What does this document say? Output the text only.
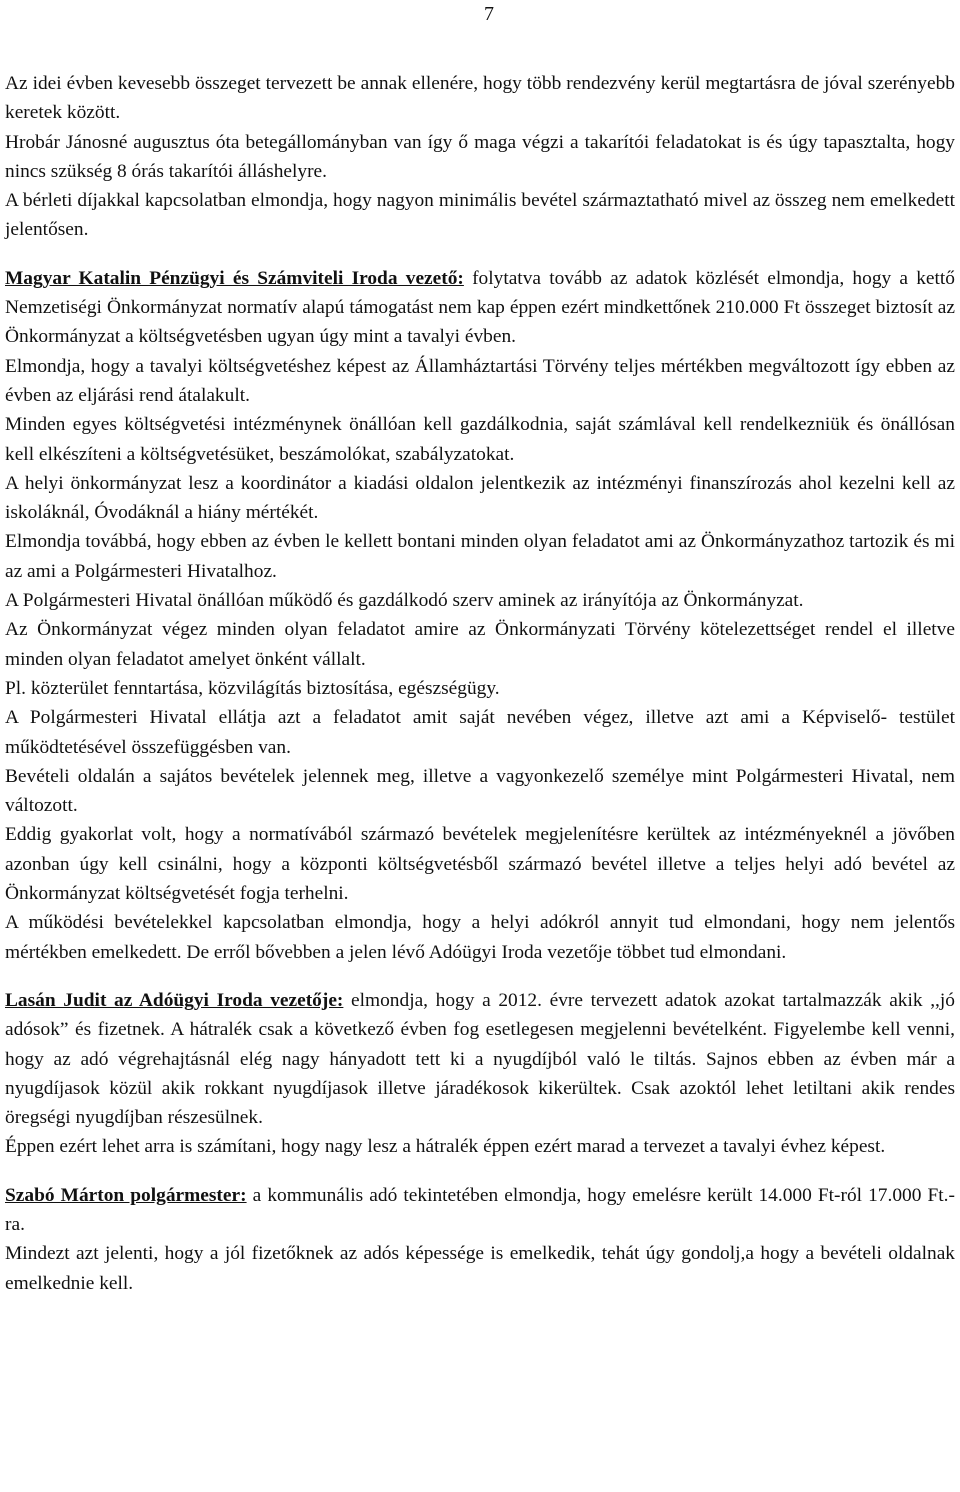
7

Az idei évben kevesebb összeget tervezett be annak ellenére, hogy több rendezvény kerül megtartásra de jóval szerényebb keretek között.

Hrobár Jánosné augusztus óta betegállományban van így ő maga végzi a takarítói feladatokat is és úgy tapasztalta, hogy nincs szükség 8 órás takarítói álláshelyre.

A bérleti díjakkal kapcsolatban elmondja, hogy nagyon minimális bevétel származtatható mivel az összeg nem emelkedett jelentősen.

Magyar Katalin Pénzügyi és Számviteli Iroda vezető: folytatva tovább az adatok közlését elmondja, hogy a kettő Nemzetiségi Önkormányzat normatív alapú támogatást nem kap éppen ezért mindkettőnek 210.000 Ft összeget biztosít az Önkormányzat a költségvetésben ugyan úgy mint a tavalyi évben.

Elmondja, hogy a tavalyi költségvetéshez képest az Államháztartási Törvény teljes mértékben megváltozott így ebben az évben az eljárási rend átalakult.

Minden egyes költségvetési intézménynek önállóan kell gazdálkodnia, saját számlával kell rendelkezniük és önállósan kell elkészíteni a költségvetésüket, beszámolókat, szabályzatokat.

A helyi önkormányzat lesz a koordinátor a kiadási oldalon jelentkezik az intézményi finanszírozás ahol kezelni kell az iskoláknál, Óvodáknál a hiány mértékét.

Elmondja továbbá, hogy ebben az évben le kellett bontani minden olyan feladatot ami az Önkormányzathoz tartozik és mi az ami a Polgármesteri Hivatalhoz.

A Polgármesteri Hivatal önállóan működő és gazdálkodó szerv aminek az irányítója az Önkormányzat.

Az Önkormányzat végez minden olyan feladatot amire az Önkormányzati Törvény kötelezettséget rendel el illetve minden olyan feladatot amelyet önként vállalt.

Pl. közterület fenntartása, közvilágítás biztosítása, egészségügy.

A Polgármesteri Hivatal ellátja azt a feladatot amit saját nevében végez, illetve azt ami a Képviselő- testület működtetésével összefüggésben van.

Bevételi oldalán a sajátos bevételek jelennek meg, illetve a vagyonkezelő személye mint Polgármesteri Hivatal, nem változott.

Eddig gyakorlat volt, hogy a normatívából származó bevételek megjelenítésre kerültek az intézményeknél a jövőben azonban úgy kell csinálni, hogy a központi költségvetésből származó bevétel illetve a teljes helyi adó bevétel az Önkormányzat költségvetését fogja terhelni.

A működési bevételekkel kapcsolatban elmondja, hogy a helyi adókról annyit tud elmondani, hogy nem jelentős mértékben emelkedett. De erről bővebben a jelen lévő Adóügyi Iroda vezetője többet tud elmondani.

Lasán Judit az Adóügyi Iroda vezetője: elmondja, hogy a 2012. évre tervezett adatok azokat tartalmazzák akik ,,jó adósok” és fizetnek. A hátralék csak a következő évben fog esetlegesen megjelenni bevételként. Figyelembe kell venni, hogy az adó végrehajtásnál elég nagy hányadott tett ki a nyugdíjból való le tiltás. Sajnos ebben az évben már a nyugdíjasok közül akik rokkant nyugdíjasok illetve járadékosok kikerültek. Csak azoktól lehet letiltani akik rendes öregségi nyugdíjban részesülnek.

Éppen ezért lehet arra is számítani, hogy nagy lesz a hátralék éppen ezért marad a tervezet a tavalyi évhez képest.

Szabó Márton polgármester: a kommunális adó tekintetében elmondja, hogy emelésre került 14.000 Ft-ról 17.000 Ft.-ra.

Mindezt azt jelenti, hogy a jól fizetőknek az adós képessége is emelkedik, tehát úgy gondolj,a hogy a bevételi oldalnak emelkednie kell.
